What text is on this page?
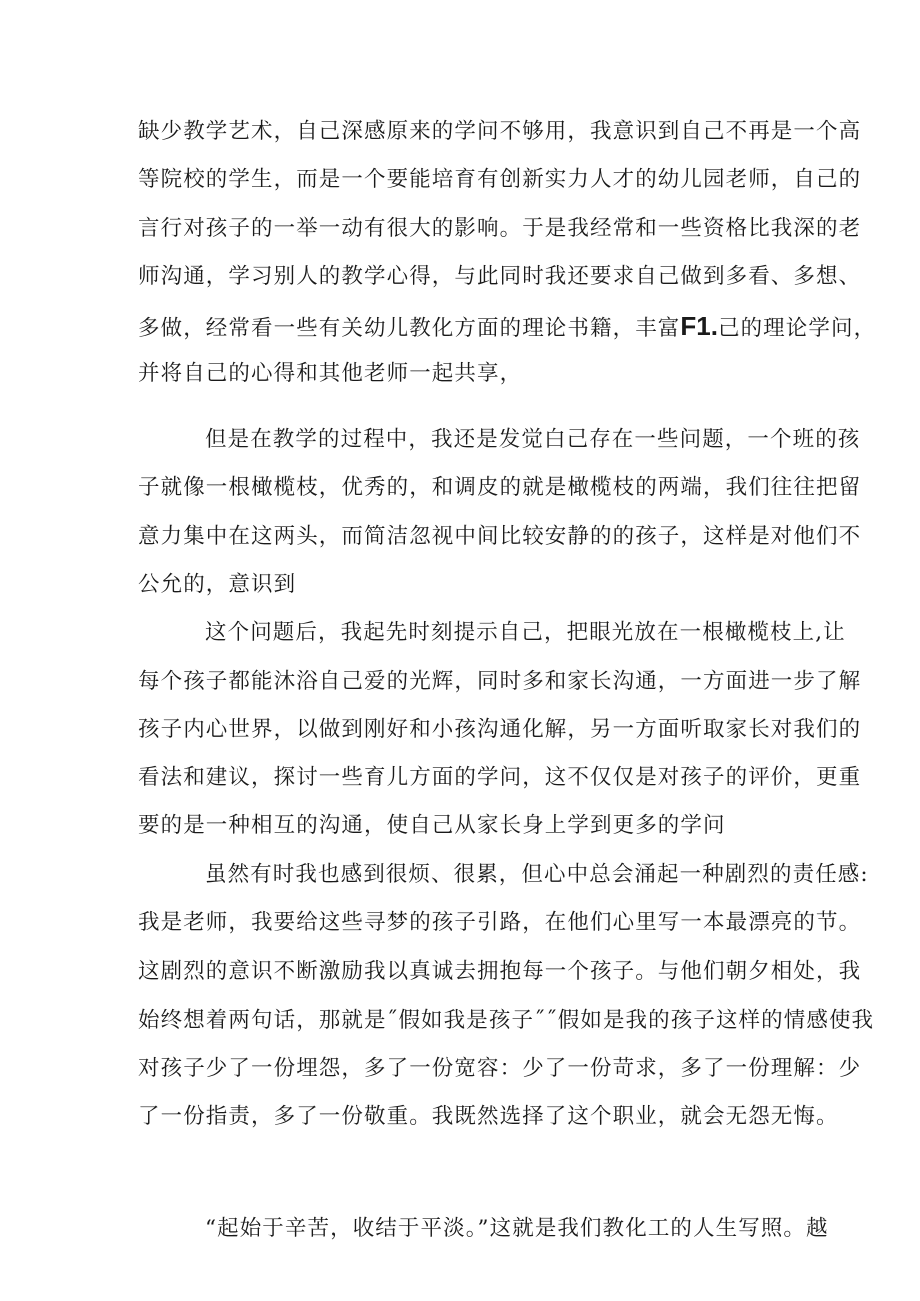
缺少教学艺术，自己深感原来的学问不够用，我意识到自己不再是一个高
等院校的学生，而是一个要能培育有创新实力人才的幼儿园老师，自己的
言行对孩子的一举一动有很大的影响。于是我经常和一些资格比我深的老
师沟通，学习别人的教学心得，与此同时我还要求自己做到多看、多想、
多做，经常看一些有关幼儿教化方面的理论书籍，丰富F1.己的理论学问，
并将自己的心得和其他老师一起共享，
但是在教学的过程中，我还是发觉白己存在一些问题，一个班的孩
子就像一根橄榄枝，优秀的，和调皮的就是橄榄枝的两端，我们往往把留
意力集中在这两头，而简洁忽视中间比较安静的的孩子，这样是对他们不
公允的，意识到
这个问题后，我起先时刻提示自己，把眼光放在一根橄榄枝上,让
每个孩子都能沐浴自己爱的光辉，同时多和家长沟通，一方面进一步了解
孩子内心世界，以做到刚好和小孩沟通化解，另一方面听取家长对我们的
看法和建议，探讨一些育儿方面的学问，这不仅仅是对孩子的评价，更重
要的是一种相互的沟通，使自己从家长身上学到更多的学问
虽然有时我也感到很烦、很累，但心中总会涌起一种剧烈的责任感:
我是老师，我要给这些寻梦的孩子引路，在他们心里写一本最漂亮的节。
这剧烈的意识不断激励我以真诚去拥抱每一个孩子。与他们朝夕相处，我
始终想着两句话，那就是˝假如我是孩子˝˝假如是我的孩子这样的情感使我
对孩子少了一份埋怨，多了一份宽容：少了一份苛求，多了一份理解：少
了一份指责，多了一份敬重。我既然选择了这个职业，就会无怨无悔。
“起始于辛苦，收结于平淡。”这就是我们教化工的人生写照。越
